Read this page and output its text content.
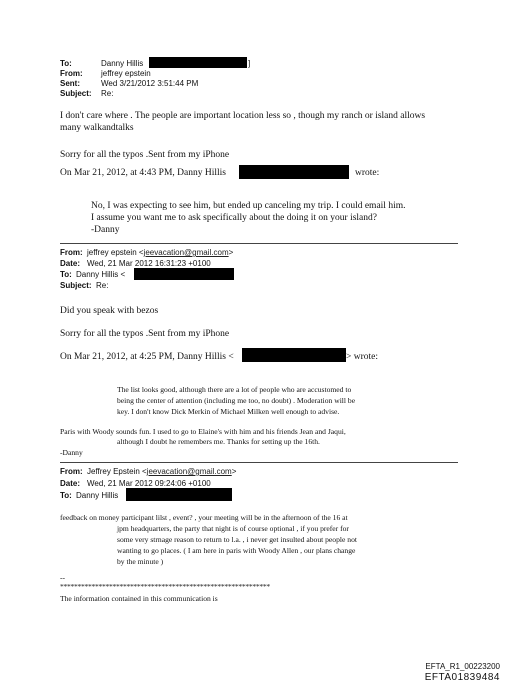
To:	Danny Hillis	]
From: jeffrey epstein
Sent:	Wed 3/21/2012 3:51:44 PM
Subject: Re:
I don't care where . The people are important location less so , though my ranch or island allows
many walkandtalks
Sorry for all the typos .Sent from my iPhone
On Mar 21, 2012, at 4:43 PM, Danny Hillis	wrote:
No, I was expecting to see him, but ended up canceling my trip. I could email him.
I assume you want me to ask specifically about the doing it on your island?
-Danny
From: jeffrey epstein <jeevacation@gmail.com>
Date: Wed, 21 Mar 2012 16:31:23 +0100
To: Danny Hillis <
Subject: Re:
Did you speak with bezos
Sorry for all the typos .Sent from my iPhone
On Mar 21, 2012, at 4:25 PM, Danny Hillis <	> wrote:
The list looks good, although there are a lot of people who are accustomed to
being the center of attention (including me too, no doubt) . Moderation will be
key. I don't know Dick Merkin of Michael Milken well enough to advise.
Paris with Woody sounds fun. I used to go to Elaine's with him and his friends Jean and Jaqui,
although I doubt he remembers me. Thanks for setting up the 16th.
-Danny
From: Jeffrey Epstein <jeevacation@gmail.com>
Date: Wed, 21 Mar 2012 09:24:06 +0100
To: Danny Hillis
feedback on money participant lilst , event? , your meeting will be in the afternoon of the 16 at
jpm headquarters, the party that night is of course optional , if you prefer for
some very strnage reason to return to l.a. , i never get insulted about people not
wanting to go places. ( I am here in paris with Woody Allen , our plans change
by the minute )
--
************************************************************
The information contained in this communication is
EFTA_R1_00223200
EFTA01839484
